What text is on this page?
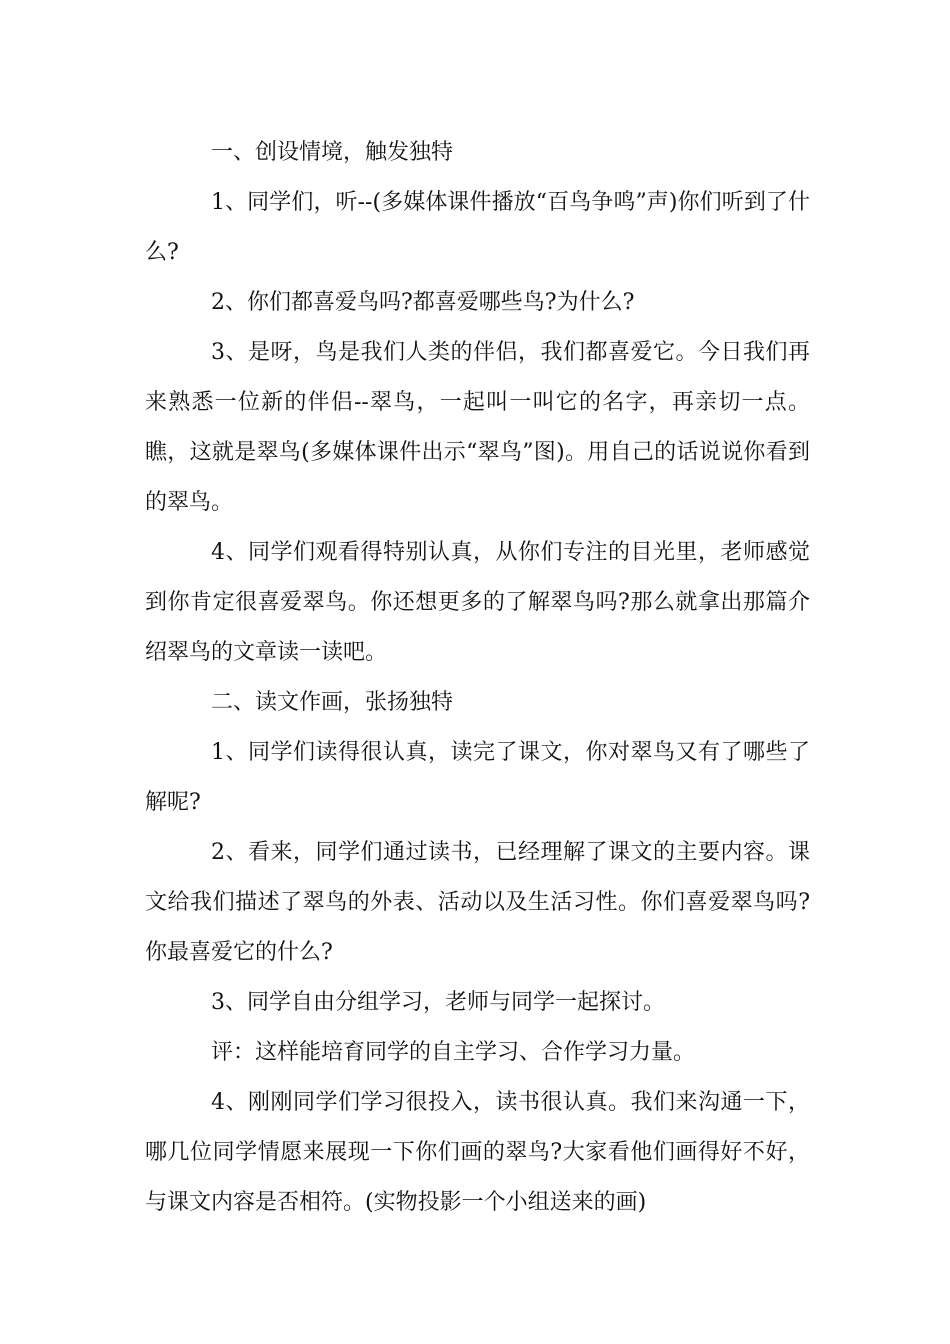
一、创设情境，触发独特

1、同学们，听--(多媒体课件播放“百鸟争鸣”声)你们听到了什么?

2、你们都喜爱鸟吗?都喜爱哪些鸟?为什么?

3、是呀，鸟是我们人类的伴侣，我们都喜爱它。今日我们再来熟悉一位新的伴侣--翠鸟，一起叫一叫它的名字，再亲切一点。瞧，这就是翠鸟(多媒体课件出示“翠鸟”图)。用自己的话说说你看到的翠鸟。

4、同学们观看得特别认真，从你们专注的目光里，老师感觉到你肯定很喜爱翠鸟。你还想更多的了解翠鸟吗?那么就拿出那篇介绍翠鸟的文章读一读吧。

二、读文作画，张扬独特

1、同学们读得很认真，读完了课文，你对翠鸟又有了哪些了解呢?

2、看来，同学们通过读书，已经理解了课文的主要内容。课文给我们描述了翠鸟的外表、活动以及生活习性。你们喜爱翠鸟吗?你最喜爱它的什么?

3、同学自由分组学习，老师与同学一起探讨。

评：这样能培育同学的自主学习、合作学习力量。

4、刚刚同学们学习很投入，读书很认真。我们来沟通一下，哪几位同学情愿来展现一下你们画的翠鸟?大家看他们画得好不好，与课文内容是否相符。(实物投影一个小组送来的画)
